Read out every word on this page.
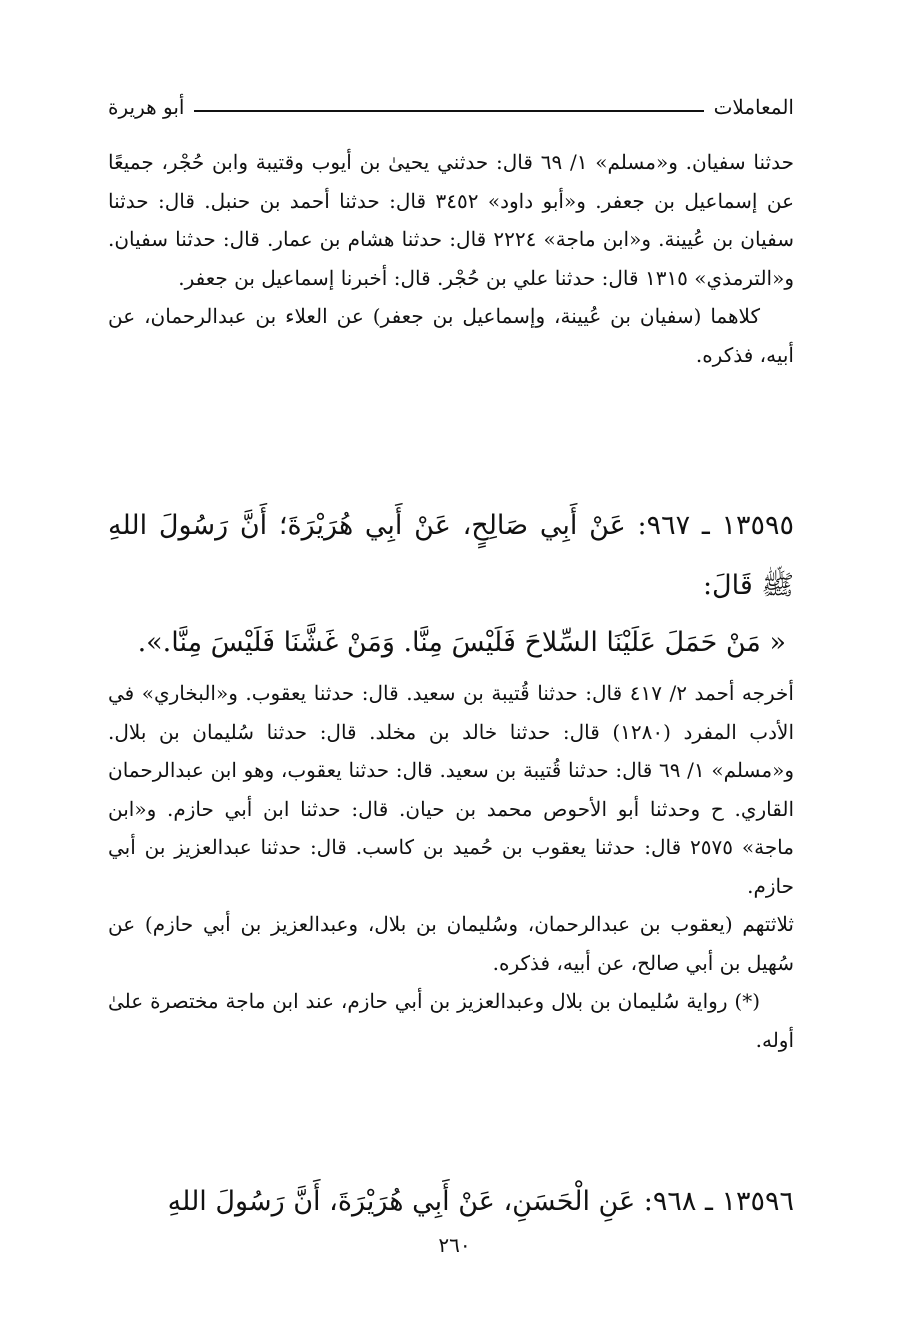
المعاملات
أبو هريرة

حدثنا سفيان. و«مسلم» ١/ ٦٩ قال: حدثني يحيىٰ بن أيوب وقتيبة وابن حُجْر، جميعًا عن إسماعيل بن جعفر. و«أبو داود» ٣٤٥٢ قال: حدثنا أحمد بن حنبل. قال: حدثنا سفيان بن عُيينة. و«ابن ماجة» ٢٢٢٤ قال: حدثنا هشام بن عمار. قال: حدثنا سفيان. و«الترمذي» ١٣١٥ قال: حدثنا علي بن حُجْر. قال: أخبرنا إسماعيل بن جعفر.

كلاهما (سفيان بن عُيينة، وإسماعيل بن جعفر) عن العلاء بن عبدالرحمان، عن أبيه، فذكره.

١٣٥٩٥ ـ ٩٦٧: عَنْ أَبِي صَالِحٍ، عَنْ أَبِي هُرَيْرَةَ؛ أَنَّ رَسُولَ اللهِ ﷺ قَالَ:

« مَنْ حَمَلَ عَلَيْنَا السِّلاحَ فَلَيْسَ مِنَّا. وَمَنْ غَشَّنَا فَلَيْسَ مِنَّا.».

أخرجه أحمد ٢/ ٤١٧ قال: حدثنا قُتيبة بن سعيد. قال: حدثنا يعقوب. و«البخاري» في الأدب المفرد (١٢٨٠) قال: حدثنا خالد بن مخلد. قال: حدثنا سُليمان بن بلال. و«مسلم» ١/ ٦٩ قال: حدثنا قُتيبة بن سعيد. قال: حدثنا يعقوب، وهو ابن عبدالرحمان القاري. ح وحدثنا أبو الأحوص محمد بن حيان. قال: حدثنا ابن أبي حازم. و«ابن ماجة» ٢٥٧٥ قال: حدثنا يعقوب بن حُميد بن كاسب. قال: حدثنا عبدالعزيز بن أبي حازم.

ثلاثتهم (يعقوب بن عبدالرحمان، وسُليمان بن بلال، وعبدالعزيز بن أبي حازم) عن سُهيل بن أبي صالح، عن أبيه، فذكره.

(*) رواية سُليمان بن بلال وعبدالعزيز بن أبي حازم، عند ابن ماجة مختصرة علىٰ أوله.

١٣٥٩٦ ـ ٩٦٨: عَنِ الْحَسَنِ، عَنْ أَبِي هُرَيْرَةَ، أَنَّ رَسُولَ اللهِ

٢٦٠
